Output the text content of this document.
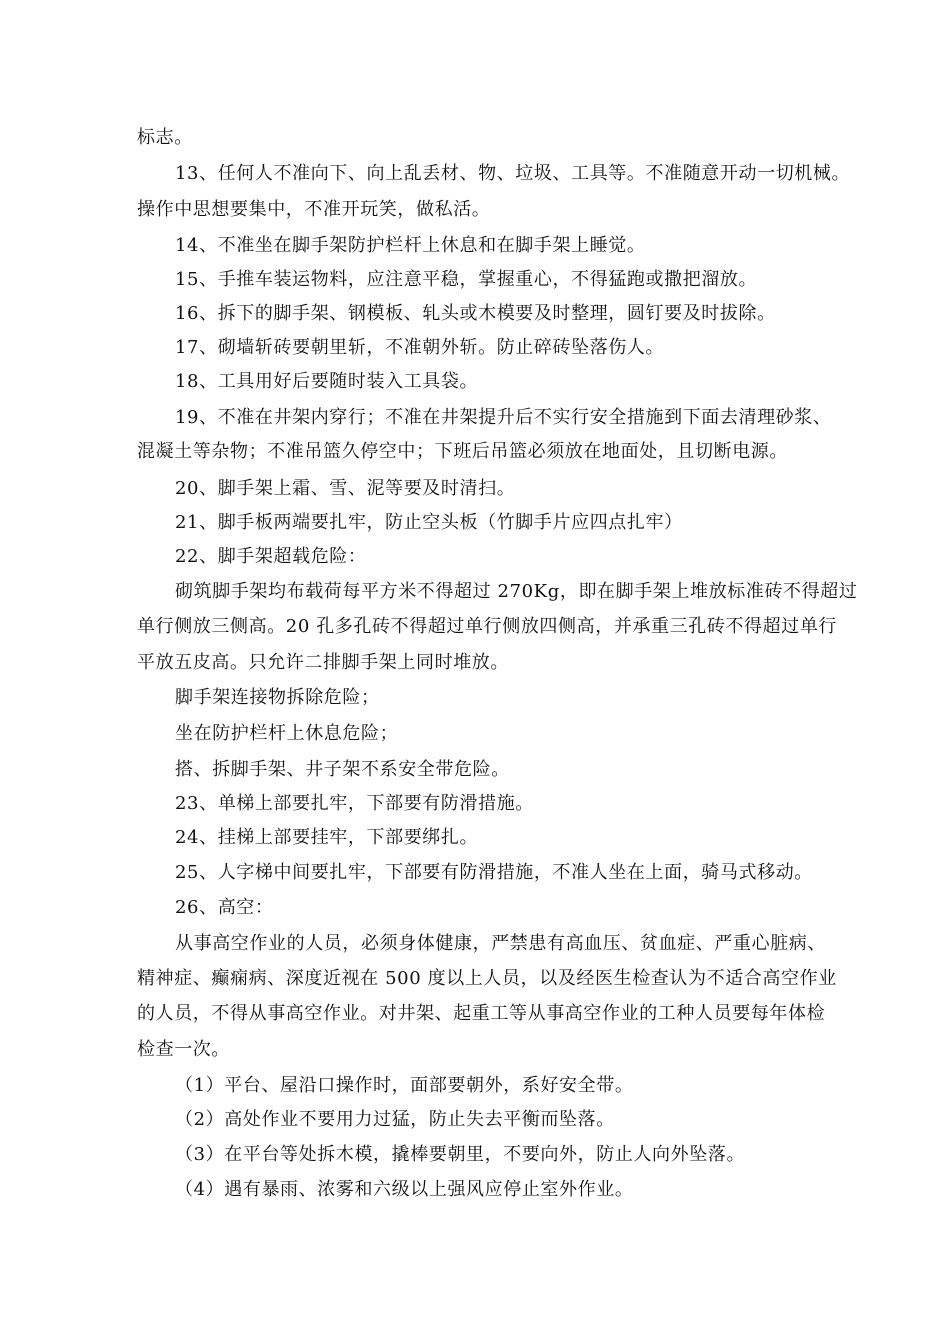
标志。
13、任何人不准向下、向上乱丢材、物、垃圾、工具等。不准随意开动一切机械。
操作中思想要集中，不准开玩笑，做私活。
14、不准坐在脚手架防护栏杆上休息和在脚手架上睡觉。
15、手推车装运物料，应注意平稳，掌握重心，不得猛跑或撒把溜放。
16、拆下的脚手架、钢模板、轧头或木模要及时整理，圆钉要及时拔除。
17、砌墙斩砖要朝里斩，不准朝外斩。防止碎砖坠落伤人。
18、工具用好后要随时装入工具袋。
19、不准在井架内穿行；不准在井架提升后不实行安全措施到下面去清理砂浆、
混凝土等杂物；不准吊篮久停空中；下班后吊篮必须放在地面处，且切断电源。
20、脚手架上霜、雪、泥等要及时清扫。
21、脚手板两端要扎牢，防止空头板（竹脚手片应四点扎牢）
22、脚手架超载危险：
砌筑脚手架均布载荷每平方米不得超过 270Kg，即在脚手架上堆放标准砖不得超过
单行侧放三侧高。20 孔多孔砖不得超过单行侧放四侧高，并承重三孔砖不得超过单行
平放五皮高。只允许二排脚手架上同时堆放。
脚手架连接物拆除危险；
坐在防护栏杆上休息危险；
搭、拆脚手架、井子架不系安全带危险。
23、单梯上部要扎牢，下部要有防滑措施。
24、挂梯上部要挂牢，下部要绑扎。
25、人字梯中间要扎牢，下部要有防滑措施，不准人坐在上面，骑马式移动。
26、高空：
从事高空作业的人员，必须身体健康，严禁患有高血压、贫血症、严重心脏病、
精神症、癫痫病、深度近视在 500 度以上人员，以及经医生检查认为不适合高空作业
的人员，不得从事高空作业。对井架、起重工等从事高空作业的工种人员要每年体检
检查一次。
（1）平台、屋沿口操作时，面部要朝外，系好安全带。
（2）高处作业不要用力过猛，防止失去平衡而坠落。
（3）在平台等处拆木模，撬棒要朝里，不要向外，防止人向外坠落。
（4）遇有暴雨、浓雾和六级以上强风应停止室外作业。
